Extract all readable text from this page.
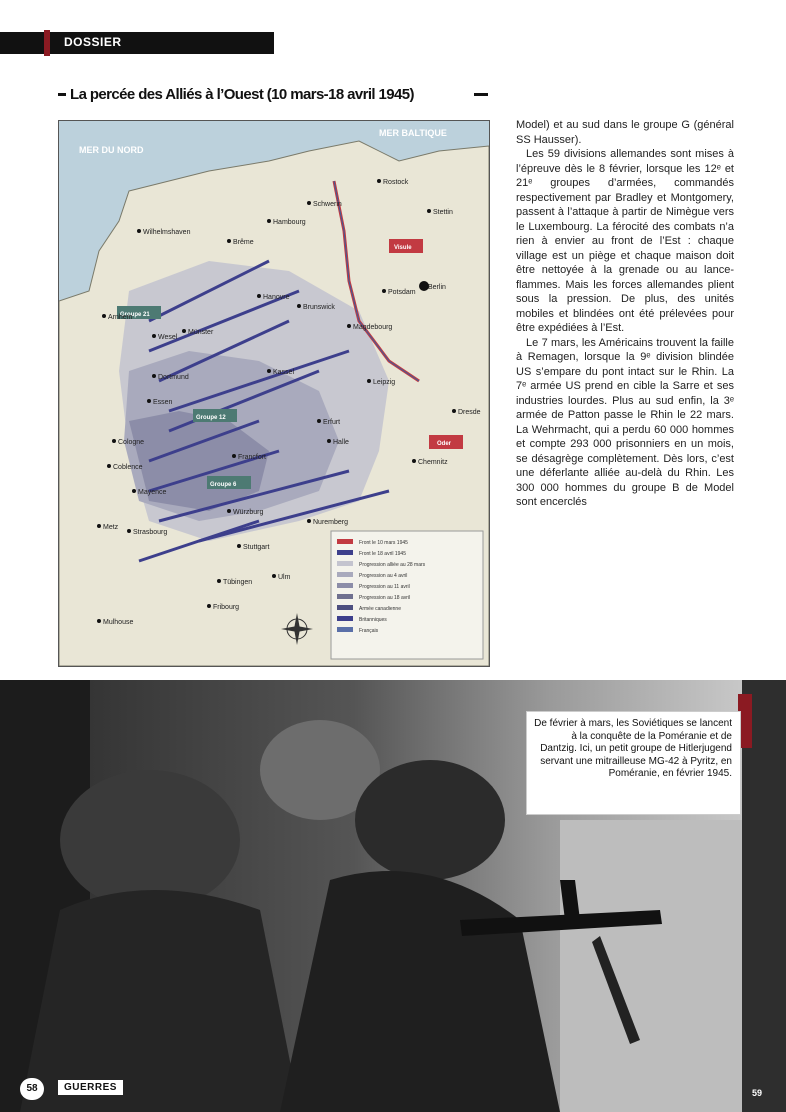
DOSSIER
La percée des Alliés à l’Ouest (10 mars-18 avril 1945)
MER DU NORD
MER BALTIQUE
Visule
Oder
Groupe 21
Groupe 12
Groupe 6
Rostock
Stettin
Schwerin
Hambourg
Wilhelmshaven
Brême
Berlin
Potsdam
Hanovre
Brunswick
Magdebourg
Arnhem
Wesel
Münster
Dortmund
Essen
Kassel
Leipzig
Dresde
Erfurt
Cologne
Coblence
Francfort
Halle
Chemnitz
Mayence
Würzburg
Nuremberg
Metz
Strasbourg
Stuttgart
Ulm
Tübingen
Fribourg
Mulhouse
Front le 10 mars 1945
Front le 18 avril 1945
Progression alliée au 28 mars
Progression au 4 avril
Progression au 11 avril
Progression au 18 avril
Armée canadienne
Britanniques
Français

Model) et au sud dans le groupe G (général SS Hausser).

Les 59 divisions allemandes sont mises à l’épreuve dès le 8 février, lorsque les 12ᵉ et 21ᵉ groupes d’armées, commandés respectivement par Bradley et Montgomery, passent à l’attaque à partir de Nimègue vers le Luxembourg. La férocité des combats n’a rien à envier au front de l’Est : chaque village est un piège et chaque maison doit être nettoyée à la grenade ou au lance-flammes. Mais les forces allemandes plient sous la pression. De plus, des unités mobiles et blindées ont été prélevées pour être expédiées à l’Est.

Le 7 mars, les Américains trouvent la faille à Remagen, lorsque la 9ᵉ division blindée US s’empare du pont intact sur le Rhin. La 7ᵉ armée US prend en cible la Sarre et ses industries lourdes. Plus au sud enfin, la 3ᵉ armée de Patton passe le Rhin le 22 mars. La Wehrmacht, qui a perdu 60 000 hommes et compte 293 000 prisonniers en un mois, se désagrège complètement. Dès lors, c’est une déferlante alliée au-delà du Rhin. Les 300 000 hommes du groupe B de Model sont encerclés

De février à mars, les Soviétiques se lancent à la conquête de la Poméranie et de Dantzig. Ici, un petit groupe de Hitlerjugend servant une mitrailleuse MG-42 à Pyritz, en Poméranie, en février 1945.
58	GUERRES	59
